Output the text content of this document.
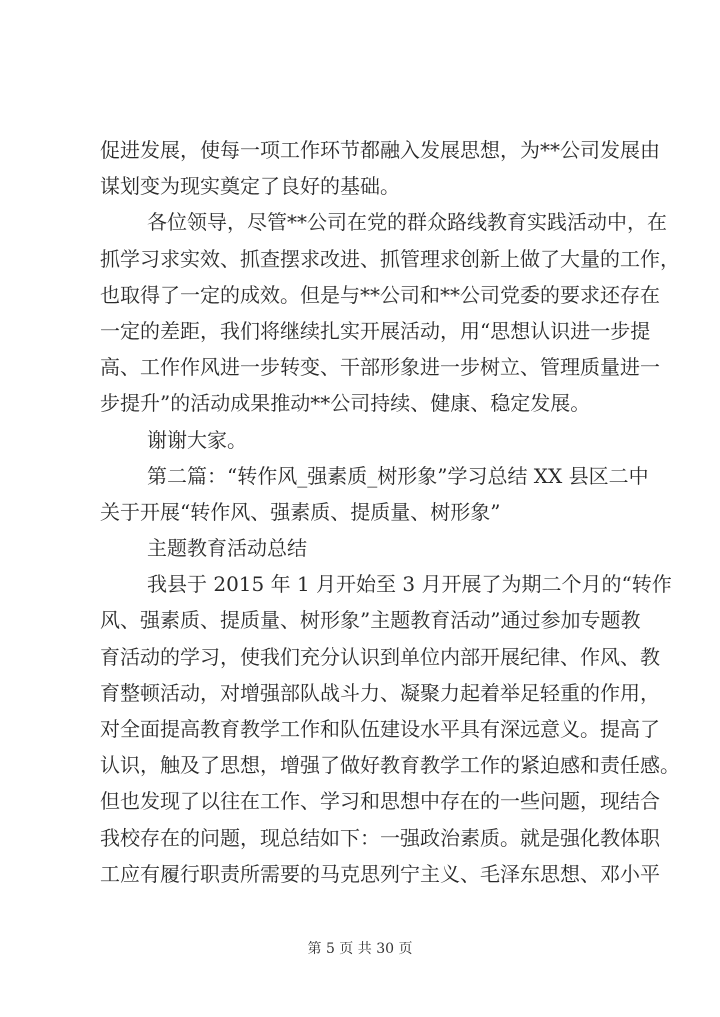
促进发展，使每一项工作环节都融入发展思想，为**公司发展由
谋划变为现实奠定了良好的基础。
各位领导，尽管**公司在党的群众路线教育实践活动中，在
抓学习求实效、抓查摆求改进、抓管理求创新上做了大量的工作，
也取得了一定的成效。但是与**公司和**公司党委的要求还存在
一定的差距，我们将继续扎实开展活动，用“思想认识进一步提
高、工作作风进一步转变、干部形象进一步树立、管理质量进一
步提升”的活动成果推动**公司持续、健康、稳定发展。
谢谢大家。
第二篇：“转作风_强素质_树形象”学习总结 XX 县区二中
关于开展“转作风、强素质、提质量、树形象”
主题教育活动总结
我县于 2015 年 1 月开始至 3 月开展了为期二个月的“转作
风、强素质、提质量、树形象”主题教育活动”通过参加专题教
育活动的学习，使我们充分认识到单位内部开展纪律、作风、教
育整顿活动，对增强部队战斗力、凝聚力起着举足轻重的作用，
对全面提高教育教学工作和队伍建设水平具有深远意义。提高了
认识，触及了思想，增强了做好教育教学工作的紧迫感和责任感。
但也发现了以往在工作、学习和思想中存在的一些问题，现结合
我校存在的问题，现总结如下：一强政治素质。就是强化教体职
工应有履行职责所需要的马克思列宁主义、毛泽东思想、邓小平
第 5 页 共 30 页
